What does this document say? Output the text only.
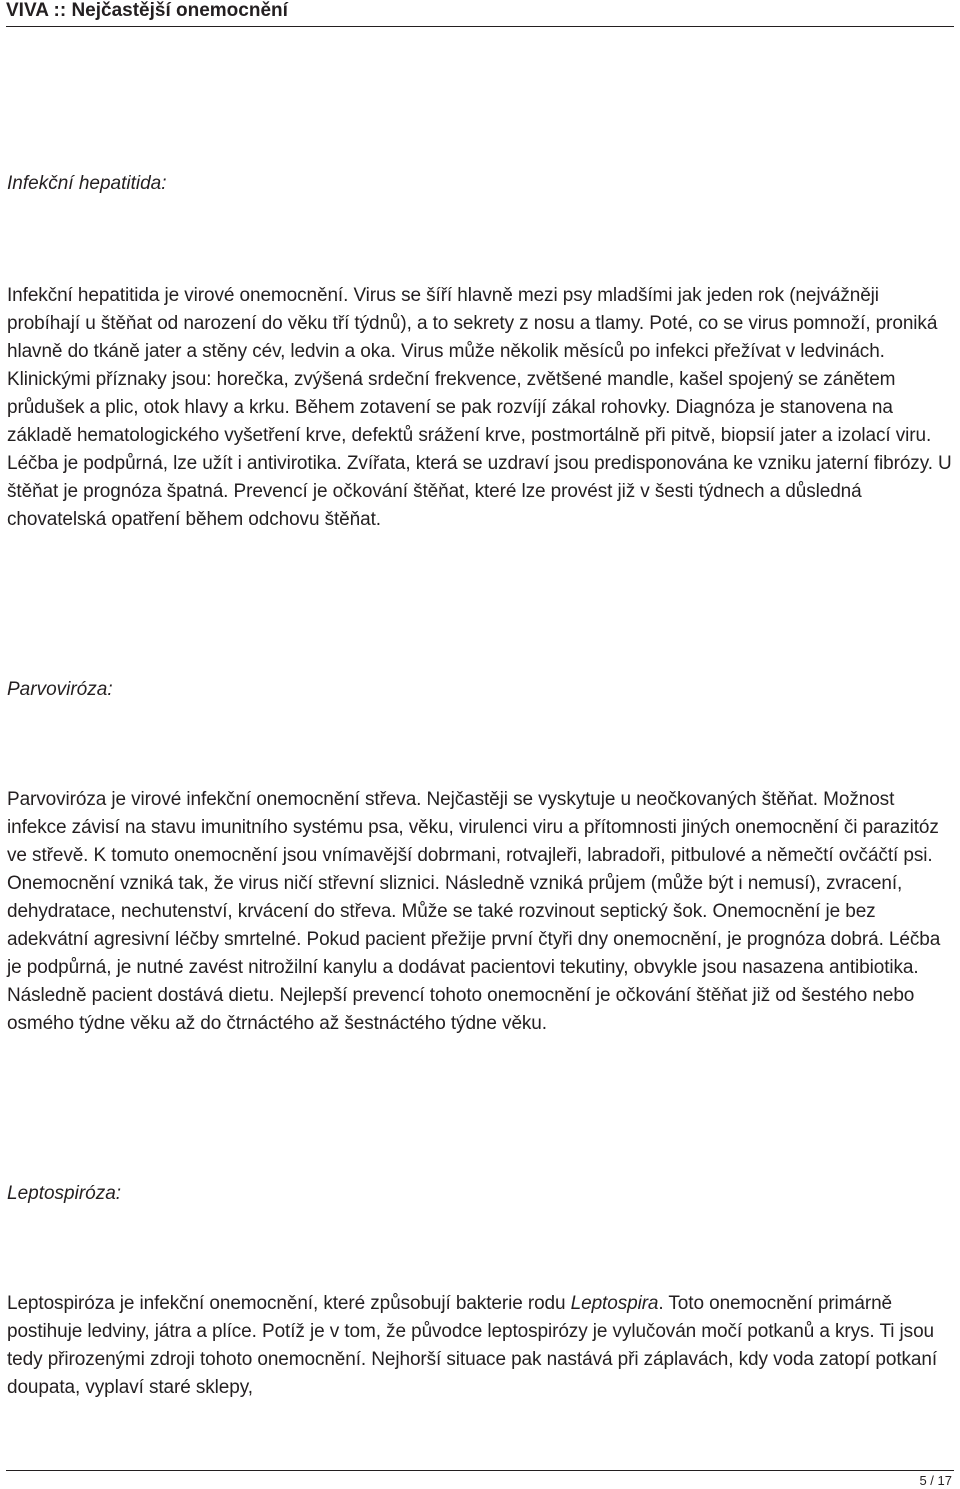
VIVA :: Nejčastější onemocnění
Infekční hepatitida:

Infekční hepatitida je virové onemocnění. Virus se šíří hlavně mezi psy mladšími jak jeden rok (nejvážněji probíhají u štěňat od narození do věku tří týdnů), a to sekrety z nosu a tlamy. Poté, co se virus pomnoží, proniká hlavně do tkáně jater a stěny cév, ledvin a oka. Virus může několik měsíců po infekci přežívat v ledvinách. Klinickými příznaky jsou: horečka, zvýšená srdeční frekvence, zvětšené mandle, kašel spojený se zánětem průdušek a plic, otok hlavy a krku. Během zotavení se pak rozvíjí zákal rohovky. Diagnóza je stanovena na základě hematologického vyšetření krve, defektů srážení krve, postmortálně při pitvě, biopsií jater a izolací viru. Léčba je podpůrná, lze užít i antivirotika. Zvířata, která se uzdraví jsou predisponována ke vzniku jaterní fibrózy. U štěňat je prognóza špatná. Prevencí je očkování štěňat, které lze provést již v šesti týdnech a důsledná chovatelská opatření během odchovu štěňat.

Parvoviróza:

Parvoviróza je virové infekční onemocnění střeva. Nejčastěji se vyskytuje u neočkovaných štěňat. Možnost infekce závisí na stavu imunitního systému psa, věku, virulenci viru a přítomnosti jiných onemocnění či parazitóz ve střevě. K tomuto onemocnění jsou vnímavější dobrmani, rotvajleři, labradoři, pitbulové a němečtí ovčáčtí psi. Onemocnění vzniká tak, že virus ničí střevní sliznici. Následně vzniká průjem (může být i nemusí), zvracení, dehydratace, nechutenství, krvácení do střeva. Může se také rozvinout septický šok. Onemocnění je bez adekvátní agresivní léčby smrtelné. Pokud pacient přežije první čtyři dny onemocnění, je prognóza dobrá. Léčba je podpůrná, je nutné zavést nitrožilní kanylu a dodávat pacientovi tekutiny, obvykle jsou nasazena antibiotika. Následně pacient dostává dietu. Nejlepší prevencí tohoto onemocnění je očkování štěňat již od šestého nebo osmého týdne věku až do čtrnáctého až šestnáctého týdne věku.

Leptospiróza:

Leptospiróza je infekční onemocnění, které způsobují bakterie rodu Leptospira. Toto onemocnění primárně postihuje ledviny, játra a plíce. Potíž je v tom, že původce leptospirózy je vylučován močí potkanů a krys. Ti jsou tedy přirozenými zdroji tohoto onemocnění. Nejhorší situace pak nastává při záplavách, kdy voda zatopí potkaní doupata, vyplaví staré sklepy,

5 / 17
